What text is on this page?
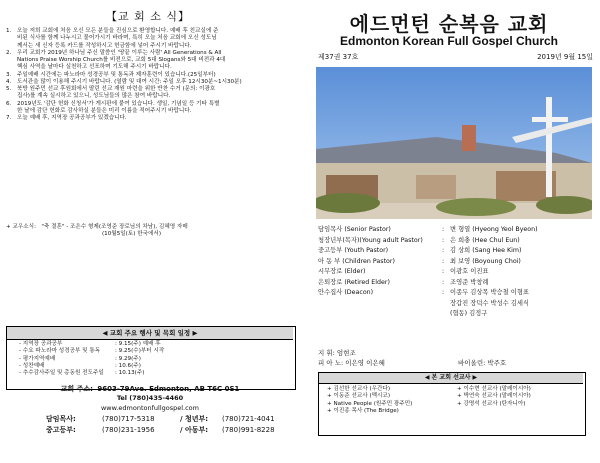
【교 회 소 식】
1. 오늘 저희 교회에 처음 오신 모든 분들을 진심으로 환영합니다. 예배 후 친교실에 준
비된 식사를 함께 나누시고 물어가시기 바라며, 특히 오늘 처음 교회에 오신 성도님
께서는 새 신자 등록 카드를 작성하시고 헌금함에 넣어 주시기 바랍니다.
2. 우리 교회가 2019년 하나님 주신 말씀인 '땅끝 이루는 사람' All Generations & All
Nations Praise Worship Church를 비전으로, 교회 5대 Slogans와 5대 비전과 4대
핵심 사역을 날마다 실천하고 선포하며 기도해 주시기 바랍니다.
3. 주일예배 시간에는 파노라마 성경공부 및 통독과 제자훈련이 있습니다.(25일부터)
4. 도서관을 많이 이용해 주시기 바랍니다. (열람 및 대여 시간: 주일 오후 12시30분~1시30분)
5. 북방 원주민 선교 후원회에서 딸린 선교 재원 마련을 위한 반찬 수거 (문의: 이광호
집사)를 계속 실시하고 있으니, 성도님들의 많은 참여 바랍니다.
6. 2019년도 '감단 헌화 신청서'가 게시판에 붙여 있습니다. 생일, 기념일 등 기타 특별
한 날에 감단 헌화로 감사하실 분들은 미리 이름을 적어주시기 바랍니다.
7. 오늘 예배 후, 지역장 공과공부가 있겠습니다.
+ 교우소식: "축 결혼" - 조은수 형제(조영준 장로님의 차남), 김혜영 자매
(10월5일(토) 한국에서)
◀ 교회 주요 행사 및 목회 일정 ▶
- 지역장 공과공부	: 9.15(주) 예배 후
- 수요 파노라마 성경공부 및 통독	: 9.25(수)부터 시작
- 평가지역예배	: 9.29(주)
- 성찬예배	: 10.6(주)
- 추수감사주일 및 총동원 전도주일	: 10.13(주)
교회 주소: 9603-79Ave. Edmonton, AB T6C 0S1
Tel (780)435-4460
www.edmontonfullgospel.com
담임목사:	(780)717-5318	/ 청년부:	(780)721-4041
중고등부:	(780)231-1956	/ 아동부:	(780)991-8228
에드먼턴 순복음 교회
Edmonton Korean Full Gospel Church
제37권 37호	2019년 9월 15일
담임목사 (Senior Pastor)	: 변 형열 (Hyeong Yeol Byeon)
청장년부(목자)(Young adult Pastor)	: 은 희충 (Hee Chul Eun)
중고등부 (Youth Pastor)	: 김 상희 (Sang Hee Kim)
아 동 부 (Children Pastor)	: 최 보영 (Boyoung Choi)
시무장로 (Elder)	: 이광호 이진표
은퇴장로 (Retired Elder)	: 조영준 박창례
안수집사 (Deacon)	: 이종두 김상목 박승철 이형표
장갑진 장덕수 박성수 김세식
(협동) 김정구
지 휘: 엄현조
피 아 노: 이은영 이은혜	바이올린: 박주호
◀ 본 교회 선교사 ▶
+ 김선한 선교사 (우간다)	+ 이수현 선교사 (말레이시아)
+ 이동준 선교사 (멕시코)	+ 박연숙 선교사 (말레이시아)
+ Native People (원주민 광주민)	+ 강명석 선교사 (탄자니아)
+ 이진종 목사 (The Bridge)
